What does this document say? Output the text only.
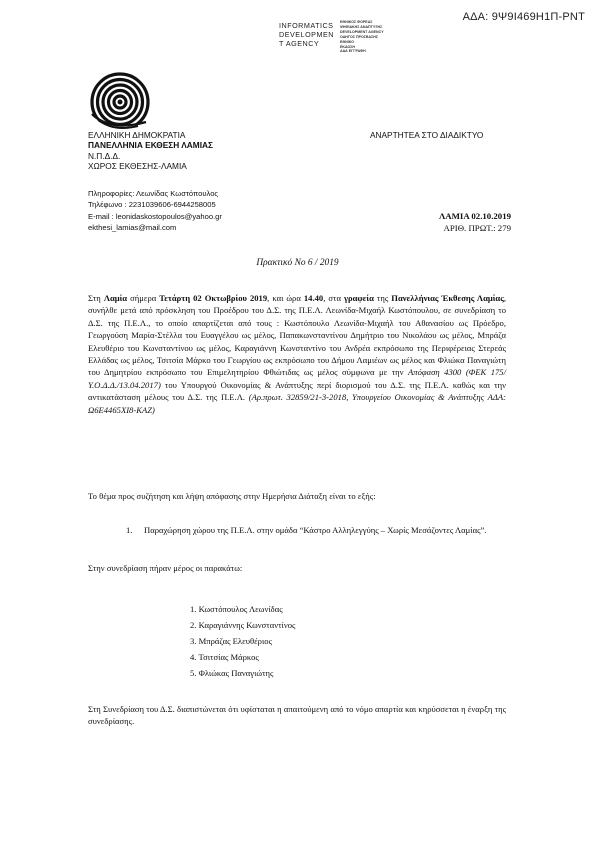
ΑΔΑ: 9Ψ9Ι469Η1Π-ΡΝΤ
INFORMATICS
DEVELOPMEN
T AGENCY
ΕΘΝΙΚΟΣ ΦΟΡΕΑΣ
ΨΗΦΙΑΚΗΣ ΑΝΑΠΤΥΞΗΣ
DEVELOPMENT AGENCY
ΟΔΗΓΟΣ ΠΡΟΣΒΑΣΗΣ
ΕΘΝΙΚΟ
ΕΚΔΟΣΗ
ΑΔΑ ΕΓΓΡΑΦΗ
ΕΛΛΗΝΙΚΗ ΔΗΜΟΚΡΑΤΙΑ
ΠΑΝΕΛΛΗΝΙΑ ΕΚΘΕΣΗ ΛΑΜΙΑΣ
Ν.Π.Δ.Δ.
ΧΩΡΟΣ ΕΚΘΕΣΗΣ-ΛΑΜΙΑ
ΑΝΑΡΤΗΤΕΑ ΣΤΟ ΔΙΑΔΙΚΤΥΟ
Πληροφορίες: Λεωνίδας Κωστόπουλος
Τηλέφωνο : 2231039606-6944258005
E-mail : leonidaskostopoulos@yahoo.gr
ekthesi_lamias@mail.com
ΛΑΜΙΑ 02.10.2019
ΑΡΙΘ. ΠΡΩΤ.: 279
Πρακτικό Νο 6 / 2019
Στη Λαμία σήμερα Τετάρτη 02 Οκτωβρίου 2019, και ώρα 14.40, στα γραφεία της Πανελλήνιας Έκθεσης Λαμίας, συνήλθε μετά από πρόσκληση του Προέδρου του Δ.Σ. της Π.Ε.Λ. Λεωνίδα-Μιχαήλ Κωστόπουλου, σε συνεδρίαση το Δ.Σ. της Π.Ε.Λ., το οποίο απαρτίζεται από τους : Κωστόπουλο Λεωνίδα-Μιχαήλ του Αθανασίου ως Πρόεδρο, Γεωργούση Μαρία-Στέλλα του Ευαγγέλου ως μέλος, Παπακωνσταντίνου Δημήτριο του Νικολάου ως μέλος, Μπράζα Ελευθέριο του Κωνσταντίνου ως μέλος, Καραγιάννη Κωνσταντίνο του Ανδρέα εκπρόσωπο της Περιφέρειας Στερεάς Ελλάδας ως μέλος, Τσιτσία Μάρκο του Γεωργίου ως εκπρόσωπο του Δήμου Λαμιέων ως μέλος και Φλιώκα Παναγιώτη του Δημητρίου εκπρόσωπο του Επιμελητηρίου Φθιώτιδας ως μέλος σύμφωνα με την Απόφαση 4300 (ΦΕΚ 175/Υ.Ο.Δ.Δ./13.04.2017) του Υπουργού Οικονομίας & Ανάπτυξης περί διορισμού του Δ.Σ. της Π.Ε.Λ. καθώς και την αντικατάσταση μέλους του Δ.Σ. της Π.Ε.Λ. (Αρ.πρωτ. 32859/21-3-2018, Υπουργείου Οικονομίας & Ανάπτυξης ΑΔΑ: Ω6Ε4465ΧΙ8-ΚΑΖ)
Το θέμα προς συζήτηση και λήψη απόφασης στην Ημερήσια Διάταξη είναι το εξής:
1. Παραχώρηση χώρου της Π.Ε.Λ. στην ομάδα “Κάστρο Αλληλεγγύης – Χωρίς Μεσάζοντες Λαμίας”.
Στην συνεδρίαση πήραν μέρος οι παρακάτω:
1. Κωστόπουλος Λεωνίδας
2. Καραγιάννης Κωνσταντίνος
3. Μπράζας Ελευθέριος
4. Τσιτσίας Μάρκος
5. Φλιώκας Παναγιώτης
Στη Συνεδρίαση του Δ.Σ. διαπιστώνεται ότι υφίσταται η απαιτούμενη από το νόμο απαρτία και κηρύσσεται η έναρξη της συνεδρίασης.
